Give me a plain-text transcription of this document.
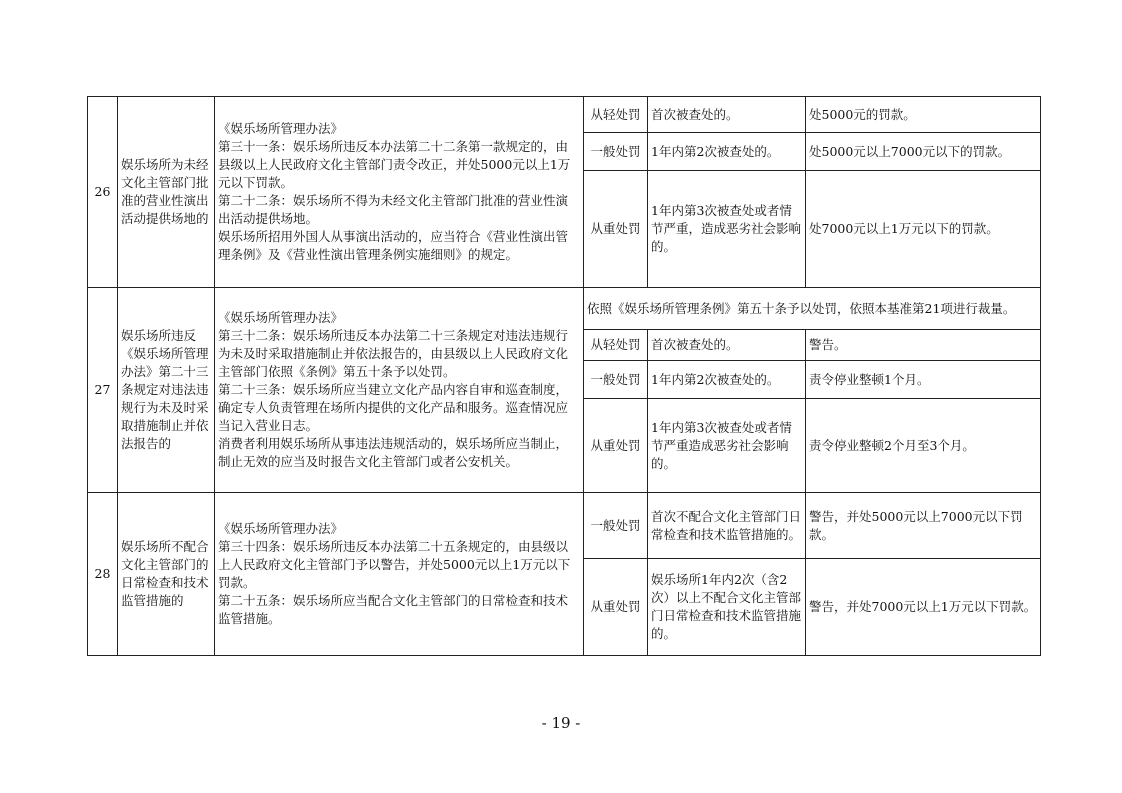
26	娱乐场所为未经文化主管部门批准的营业性演出活动提供场地的	《娱乐场所管理办法》
第三十一条：娱乐场所违反本办法第二十二条第一款规定的，由县级以上人民政府文化主管部门责令改正，并处5000元以上1万元以下罚款。
第二十二条：娱乐场所不得为未经文化主管部门批准的营业性演出活动提供场地。
娱乐场所招用外国人从事演出活动的，应当符合《营业性演出管理条例》及《营业性演出管理条例实施细则》的规定。	从轻处罚	首次被查处的。	处5000元的罚款。
			一般处罚	1年内第2次被查处的。	处5000元以上7000元以下的罚款。
			从重处罚	1年内第3次被查处或者情节严重，造成恶劣社会影响的。	处7000元以上1万元以下的罚款。
27	娱乐场所违反《娱乐场所管理办法》第二十三条规定对违法违规行为未及时采取措施制止并依法报告的	《娱乐场所管理办法》
第三十二条：娱乐场所违反本办法第二十三条规定对违法违规行为未及时采取措施制止并依法报告的，由县级以上人民政府文化主管部门依照《条例》第五十条予以处罚。
第二十三条：娱乐场所应当建立文化产品内容自审和巡查制度，确定专人负责管理在场所内提供的文化产品和服务。巡查情况应当记入营业日志。
消费者利用娱乐场所从事违法违规活动的，娱乐场所应当制止，制止无效的应当及时报告文化主管部门或者公安机关。	依照《娱乐场所管理条例》第五十条予以处罚，依照本基准第21项进行裁量。		
			从轻处罚	首次被查处的。	警告。
			一般处罚	1年内第2次被查处的。	责令停业整顿1个月。
			从重处罚	1年内第3次被查处或者情节严重造成恶劣社会影响的。	责令停业整顿2个月至3个月。
28	娱乐场所不配合文化主管部门的日常检查和技术监管措施的	《娱乐场所管理办法》
第三十四条：娱乐场所违反本办法第二十五条规定的，由县级以上人民政府文化主管部门予以警告，并处5000元以上1万元以下罚款。
第二十五条：娱乐场所应当配合文化主管部门的日常检查和技术监管措施。	一般处罚	首次不配合文化主管部门日常检查和技术监管措施的。	警告，并处5000元以上7000元以下罚款。
			从重处罚	娱乐场所1年内2次（含2次）以上不配合文化主管部门日常检查和技术监管措施的。	警告，并处7000元以上1万元以下罚款。
- 19 -
